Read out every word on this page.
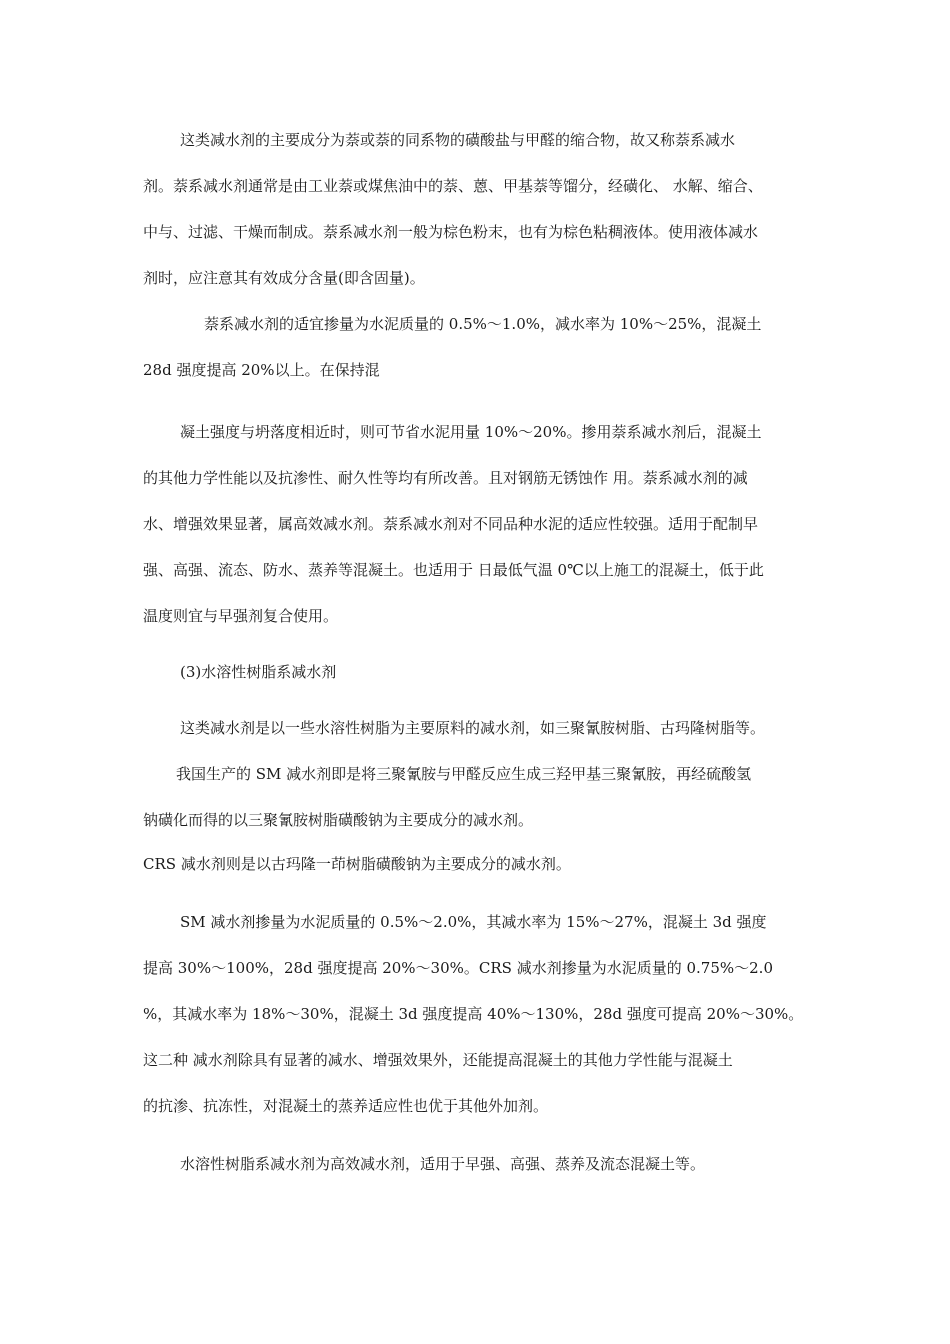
这类减水剂的主要成分为萘或萘的同系物的磺酸盐与甲醛的缩合物，故又称萘系减水
剂。萘系减水剂通常是由工业萘或煤焦油中的萘、蒽、甲基萘等馏分，经磺化、 水解、缩合、
中与、过滤、干燥而制成。萘系减水剂一般为棕色粉末，也有为棕色粘稠液体。使用液体减水
剂时，应注意其有效成分含量(即含固量)。
萘系减水剂的适宜掺量为水泥质量的 0.5%～1.0%，减水率为 10%～25%，混凝土
28d 强度提高 20%以上。在保持混
凝土强度与坍落度相近时，则可节省水泥用量 10%～20%。掺用萘系减水剂后，混凝土
的其他力学性能以及抗渗性、耐久性等均有所改善。且对钢筋无锈蚀作 用。萘系减水剂的减
水、增强效果显著，属高效减水剂。萘系减水剂对不同品种水泥的适应性较强。适用于配制早
强、高强、流态、防水、蒸养等混凝土。也适用于 日最低气温 0℃以上施工的混凝土，低于此
温度则宜与早强剂复合使用。
(3)水溶性树脂系减水剂
这类减水剂是以一些水溶性树脂为主要原料的减水剂，如三聚氰胺树脂、古玛隆树脂等。
我国生产的 SM 减水剂即是将三聚氰胺与甲醛反应生成三羟甲基三聚氰胺，再经硫酸氢
钠磺化而得的以三聚氰胺树脂磺酸钠为主要成分的减水剂。
CRS 减水剂则是以古玛隆一茚树脂磺酸钠为主要成分的减水剂。
SM 减水剂掺量为水泥质量的 0.5%～2.0%，其减水率为 15%～27%，混凝土 3d 强度
提高 30%～100%，28d 强度提高 20%～30%。CRS 减水剂掺量为水泥质量的 0.75%～2.0
%，其减水率为 18%～30%，混凝土 3d 强度提高 40%～130%，28d 强度可提高 20%～30%。
这二种 减水剂除具有显著的减水、增强效果外，还能提高混凝土的其他力学性能与混凝土
的抗渗、抗冻性，对混凝土的蒸养适应性也优于其他外加剂。
水溶性树脂系减水剂为高效减水剂，适用于早强、高强、蒸养及流态混凝土等。
